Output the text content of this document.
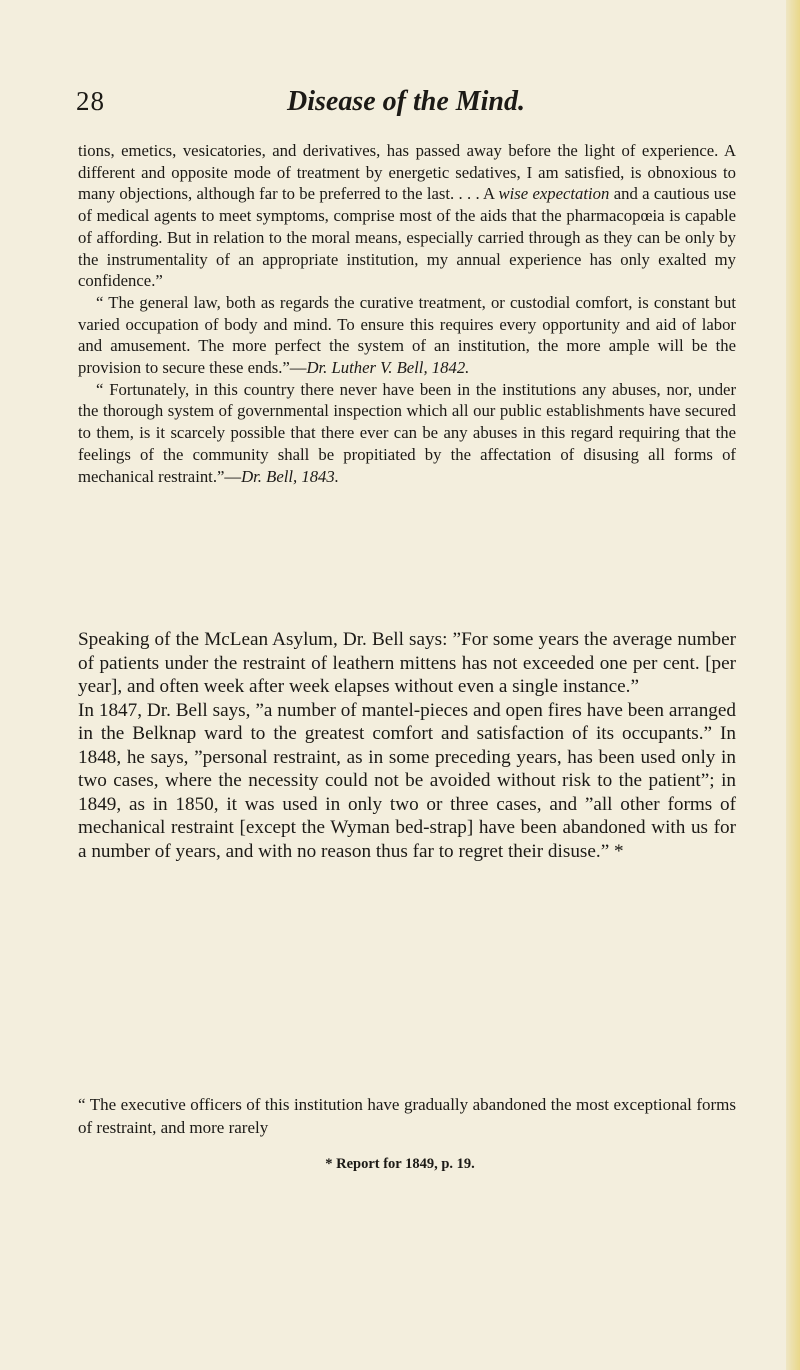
28	Disease of the Mind.

tions, emetics, vesicatories, and derivatives, has passed away before the light of experience. A different and opposite mode of treatment by energetic sedatives, I am satisfied, is obnoxious to many objections, although far to be preferred to the last. . . . A wise expectation and a cautious use of medical agents to meet symptoms, comprise most of the aids that the pharmacopœia is capable of affording. But in relation to the moral means, especially carried through as they can be only by the instrumentality of an appropriate institution, my annual experience has only exalted my confidence.”

“ The general law, both as regards the curative treatment, or custodial comfort, is constant but varied occupation of body and mind. To ensure this requires every opportunity and aid of labor and amusement. The more perfect the system of an institution, the more ample will be the provision to secure these ends.”—Dr. Luther V. Bell, 1842.

“ Fortunately, in this country there never have been in the institutions any abuses, nor, under the thorough system of governmental inspection which all our public establishments have secured to them, is it scarcely possible that there ever can be any abuses in this regard requiring that the feelings of the community shall be propitiated by the affectation of disusing all forms of mechanical restraint.”—Dr. Bell, 1843.

Speaking of the McLean Asylum, Dr. Bell says: ”For some years the average number of patients under the restraint of leathern mittens has not exceeded one per cent. [per year], and often week after week elapses without even a single instance.”

In 1847, Dr. Bell says, ”a number of mantel-pieces and open fires have been arranged in the Belknap ward to the greatest comfort and satisfaction of its occupants.” In 1848, he says, ”personal restraint, as in some preceding years, has been used only in two cases, where the necessity could not be avoided without risk to the patient”; in 1849, as in 1850, it was used in only two or three cases, and ”all other forms of mechanical restraint [except the Wyman bed-strap] have been abandoned with us for a number of years, and with no reason thus far to regret their disuse.” *

“ The executive officers of this institution have gradually abandoned the most exceptional forms of restraint, and more rarely

* Report for 1849, p. 19.
